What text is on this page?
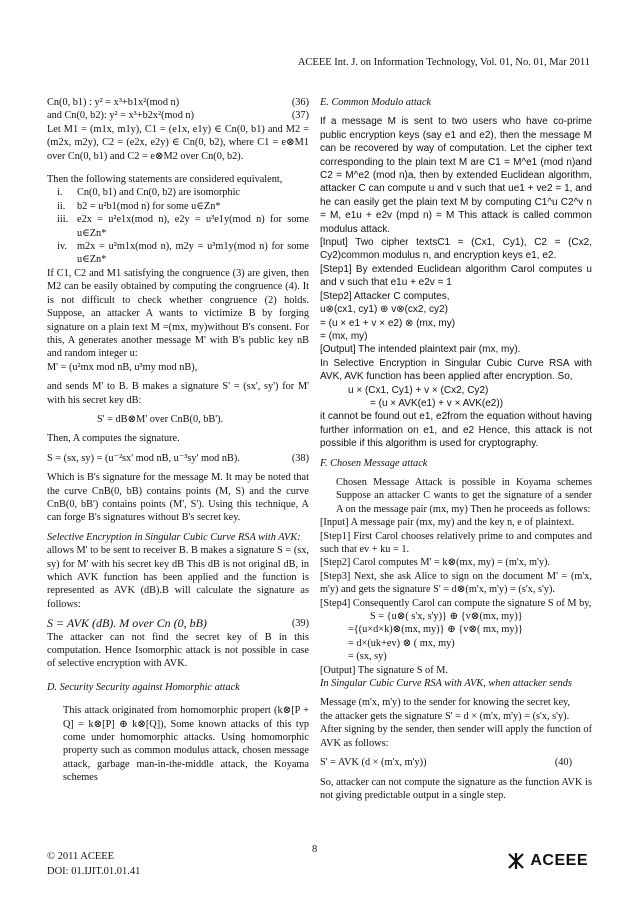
ACEEE Int. J. on Information Technology, Vol. 01, No. 01, Mar 2011
Cn(0, b1) : y² = x³+b1x²(mod n)	(36)
and Cn(0, b2): y² = x³+b2x²(mod n)	(37)

Let M1 = (m1x, m1y), C1 = (e1x, e1y) ∈ Cn(0, b1) and M2 = (m2x, m2y), C2 = (e2x, e2y) ∈ Cn(0, b2), where C1 = e⊗M1 over Cn(0, b1) and C2 = e⊗M2 over Cn(0, b2).

Then the following statements are considered equivalent,

i.	Cn(0, b1) and Cn(0, b2) are isomorphic
ii.	b2 = u²b1(mod n) for some u∈Zn*
iii. e2x = u²e1x(mod n), e2y = u³e1y(mod n) for some u∈Zn*
iv. m2x = u²m1x(mod n), m2y = u³m1y(mod n) for some u∈Zn*

If C1, C2 and M1 satisfying the congruence (3) are given, then M2 can be easily obtained by computing the congruence (4). It is not difficult to check whether congruence (2) holds. Suppose, an attacker A wants to victimize B by forging signature on a plain text M =(mx, my)without B's consent. For this, A generates another message M' with B's public key nB and random integer u:

M' = (u²mx mod nB, u³my mod nB),

and sends M' to B. B makes a signature S' = (sx', sy') for M' with his secret key dB:

S' = dB⊗M' over CnB(0, bB').

Then, A computes the signature.

S = (sx, sy) = (u⁻²sx' mod nB, u⁻³sy' mod nB).	(38)

Which is B's signature for the message M. It may be noted that the curve CnB(0, bB) contains points (M, S) and the curve CnB(0, bB') contains points (M', S'). Using this technique, A can forge B's signatures without B's secret key.

Selective Encryption in Singular Cubic Curve RSA with AVK:

allows M' to be sent to receiver B. B makes a signature S = (sx, sy) for M' with his secret key dB This dB is not original dB, in which AVK function has been applied and the function is represented as AVK (dB).B will calculate the signature as follows:

S = AVK (dB). M over Cn (0, bB)	(39)

The attacker can not find the secret key of B in this computation. Hence Isomorphic attack is not possible in case of selective encryption with AVK.

D. Security Security against Homorphic attack

This attack originated from homomorphic propert (k⊗[P + Q] = k⊗[P] ⊕ k⊗[Q]), Some known attacks of this typ come under homomorphic attacks. Using homomorphic property such as common modulus attack, chosen message attack, garbage man-in-the-middle attack, the Koyama schemes

E. Common Modulo attack

If a message M is sent to two users who have co-prime public encryption keys (say e1 and e2), then the message M can be recovered by way of computation. Let the cipher text corresponding to the plain text M are C1 = M^e1 (mod n)and C2 = M^e2 (mod n)a, then by extended Euclidean algorithm, attacker C can compute u and v such that ue1 + ve2 = 1, and he can easily get the plain text M by computing C1^u C2^v n = M, e1u + e2v (mpd n) = M This attack is called common modulus attack.

[Input] Two cipher textsC1 = (Cx1, Cy1), C2 = (Cx2, Cy2)common modulus n, and encryption keys e1, e2.

[Step1] By extended Euclidean algorithm Carol computes u and v such that e1u + e2v = 1

[Step2] Attacker C computes,

u⊗(cx1, cy1) ⊕ v⊗(cx2, cy2)

= (u × e1 + v × e2) ⊗ (mx, my)

= (mx, my)

[Output] The intended plaintext pair (mx, my).

In Selective Encryption in Singular Cubic Curve RSA with AVK, AVK function has been applied after encryption. So,

u × (Cx1, Cy1) + v × (Cx2, Cy2)

= (u × AVK(e1) + v × AVK(e2))

it cannot be found out e1, e2from the equation without having further information on e1, and e2 Hence, this attack is not possible if this algorithm is used for cryptography.

F. Chosen Message attack

Chosen Message Attack is possible in Koyama schemes Suppose an attacker C wants to get the signature of a sender A on the message pair (mx, my) Then he proceeds as follows:

[Input] A message pair (mx, my) and the key n, e of plaintext.

[Step1] First Carol chooses relatively prime to and computes and such that ev + ku = 1.

[Step2] Carol computes M' = k⊗(mx, my) = (m'x, m'y).

[Step3] Next, she ask Alice to sign on the document M' = (m'x, m'y) and gets the signature S' = d⊗(m'x, m'y) = (s'x, s'y).

[Step4] Consequently Carol can compute the signature S of M by,

S = {u⊗( s'x, s'y)} ⊕ {v⊗(mx, my)}

={(u×d×k)⊗(mx, my)} ⊕ {v⊗( mx, my)}

= d×(uk+ev) ⊗ ( mx, my)

= (sx, sy)

[Output] The signature S of M.

In Singular Cubic Curve RSA with AVK, when attacker sends

Message (m'x, m'y) to the sender for knowing the secret key,

the attacker gets the signature S' = d × (m'x, m'y) = (s'x, s'y).

After signing by the sender, then sender will apply the function of AVK as follows:

S' = AVK (d × (m'x, m'y))	(40)

So, attacker can not compute the signature as the function AVK is not giving predictable output in a single step.

8
© 2011 ACEEE
DOI: 01.IJIT.01.01.41
ACEEE
